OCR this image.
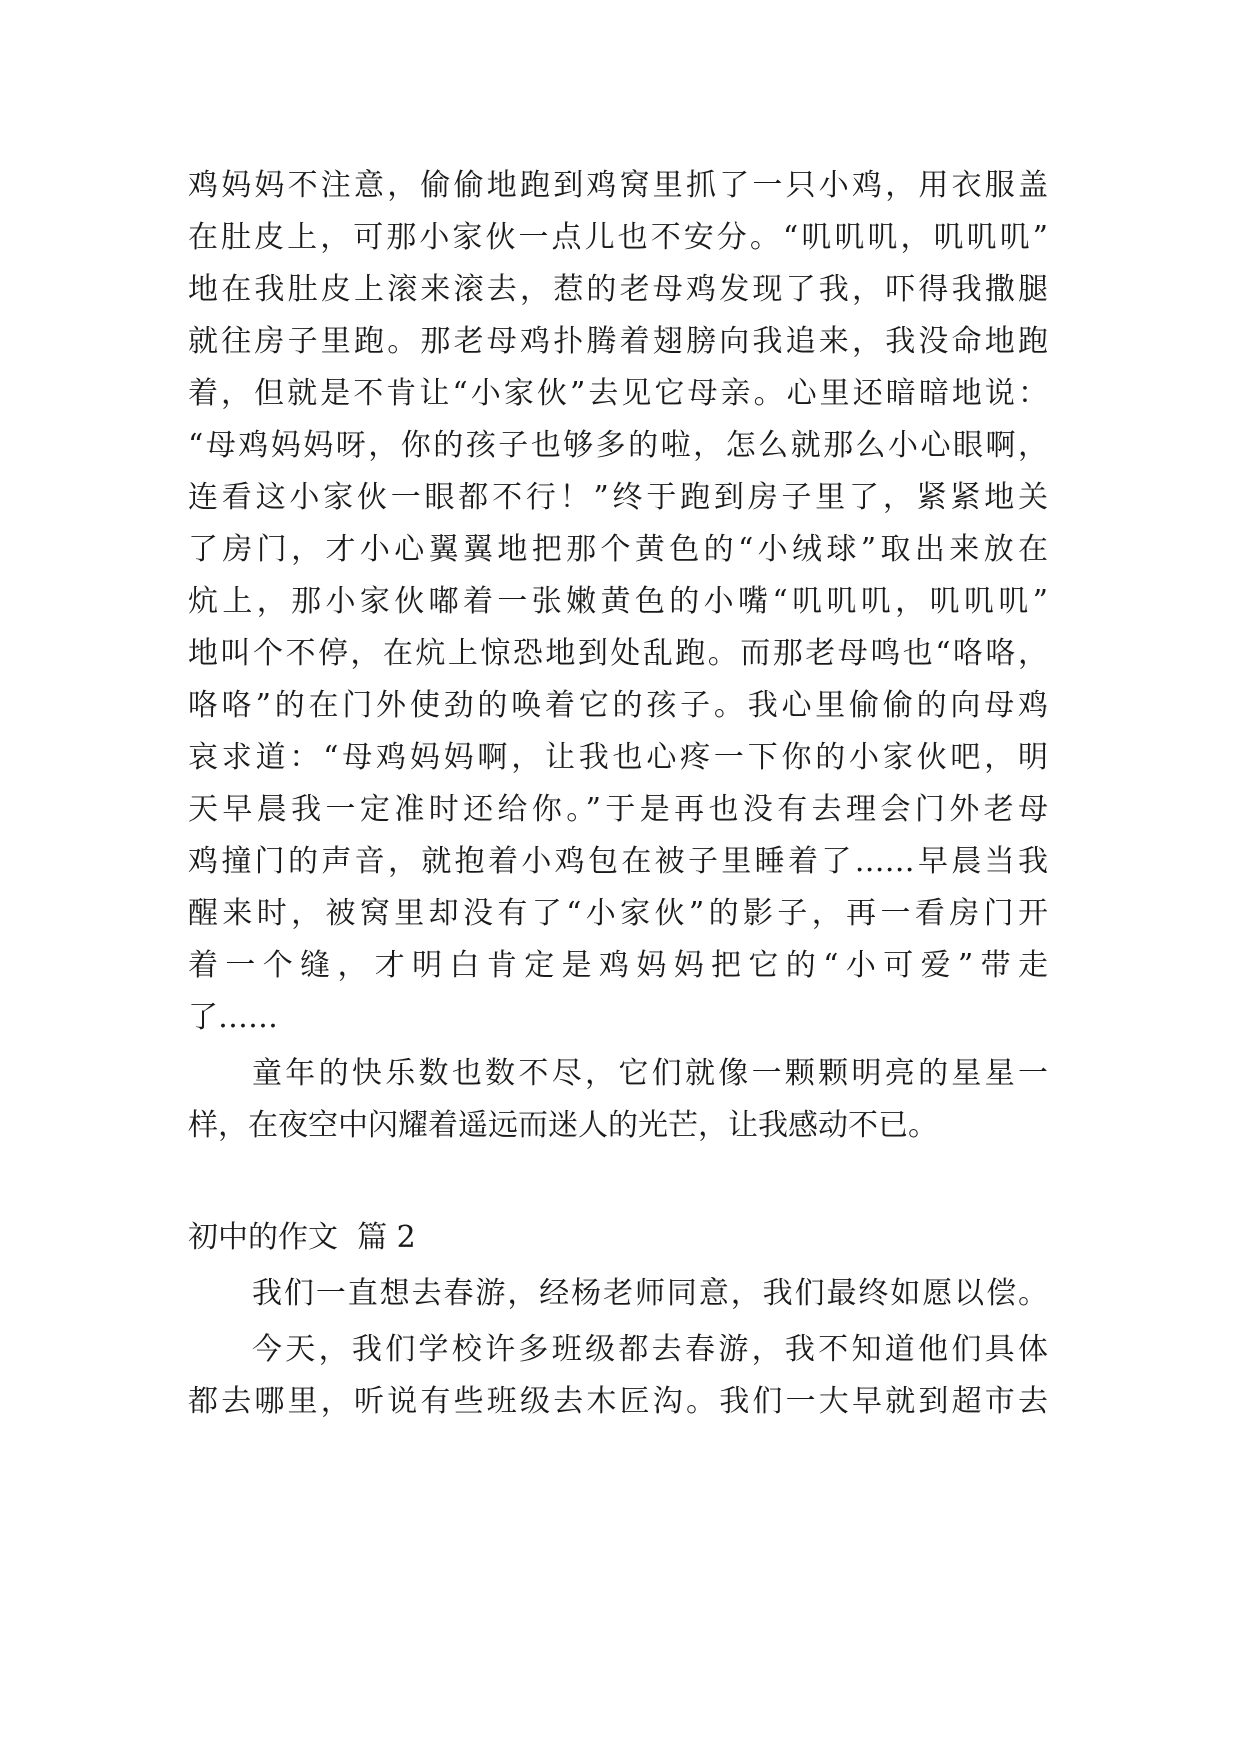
鸡妈妈不注意，偷偷地跑到鸡窝里抓了一只小鸡，用衣服盖
在肚皮上，可那小家伙一点儿也不安分。“叽叽叽，叽叽叽”
地在我肚皮上滚来滚去，惹的老母鸡发现了我，吓得我撒腿
就往房子里跑。那老母鸡扑腾着翅膀向我追来，我没命地跑
着，但就是不肯让“小家伙”去见它母亲。心里还暗暗地说：
“母鸡妈妈呀，你的孩子也够多的啦，怎么就那么小心眼啊，
连看这小家伙一眼都不行！”终于跑到房子里了，紧紧地关
了房门，才小心翼翼地把那个黄色的“小绒球”取出来放在
炕上，那小家伙嘟着一张嫩黄色的小嘴“叽叽叽，叽叽叽”
地叫个不停，在炕上惊恐地到处乱跑。而那老母鸣也“咯咯，
咯咯”的在门外使劲的唤着它的孩子。我心里偷偷的向母鸡
哀求道：“母鸡妈妈啊，让我也心疼一下你的小家伙吧，明
天早晨我一定准时还给你。”于是再也没有去理会门外老母
鸡撞门的声音，就抱着小鸡包在被子里睡着了……早晨当我
醒来时，被窝里却没有了“小家伙”的影子，再一看房门开
着一个缝，才明白肯定是鸡妈妈把它的“小可爱”带走
了……
童年的快乐数也数不尽，它们就像一颗颗明亮的星星一
样，在夜空中闪耀着遥远而迷人的光芒，让我感动不已。
初中的作文  篇 2
我们一直想去春游，经杨老师同意，我们最终如愿以偿。
今天，我们学校许多班级都去春游，我不知道他们具体
都去哪里，听说有些班级去木匠沟。我们一大早就到超市去
